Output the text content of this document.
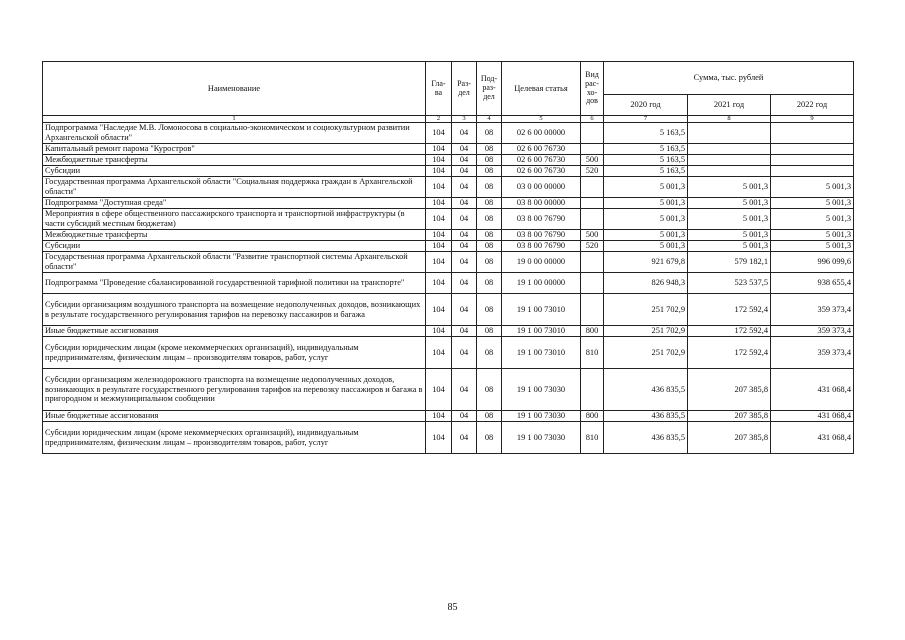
Наименование	Гла-ва	Раз-дел	Под-раз-дел	Целевая статья	Вид рас-хо-дов	Сумма, тыс. рублей		
						2020 год	2021 год	2022 год
1	2	3	4	5	6	7	8	9
Подпрограмма "Наследие М.В. Ломоносова в социально-экономическом и социокультурном развитии Архангельской области"	104	04	08	02 6 00 00000		5 163,5		
Капитальный ремонт парома "Куростров"	104	04	08	02 6 00 76730		5 163,5		
Межбюджетные трансферты	104	04	08	02 6 00 76730	500	5 163,5		
Субсидии	104	04	08	02 6 00 76730	520	5 163,5		
Государственная программа Архангельской области "Социальная поддержка граждан в Архангельской области"	104	04	08	03 0 00 00000		5 001,3	5 001,3	5 001,3
Подпрограмма "Доступная среда"	104	04	08	03 8 00 00000		5 001,3	5 001,3	5 001,3
Мероприятия в сфере общественного пассажирского транспорта и транспортной инфраструктуры (в части субсидий местным бюджетам)	104	04	08	03 8 00 76790		5 001,3	5 001,3	5 001,3
Межбюджетные трансферты	104	04	08	03 8 00 76790	500	5 001,3	5 001,3	5 001,3
Субсидии	104	04	08	03 8 00 76790	520	5 001,3	5 001,3	5 001,3
Государственная программа Архангельской области "Развитие транспортной системы Архангельской области"	104	04	08	19 0 00 00000		921 679,8	579 182,1	996 099,6
Подпрограмма "Проведение сбалансированной государственной тарифной политики на транспорте"	104	04	08	19 1 00 00000		826 948,3	523 537,5	938 655,4
Субсидии организациям воздушного транспорта на возмещение недополученных доходов, возникающих в результате государственного регулирования тарифов на перевозку пассажиров и багажа	104	04	08	19 1 00 73010		251 702,9	172 592,4	359 373,4
Иные бюджетные ассигнования	104	04	08	19 1 00 73010	800	251 702,9	172 592,4	359 373,4
Субсидии юридическим лицам (кроме некоммерческих организаций), индивидуальным предпринимателям, физическим лицам – производителям товаров, работ, услуг	104	04	08	19 1 00 73010	810	251 702,9	172 592,4	359 373,4
Субсидии организациям железнодорожного транспорта на возмещение недополученных доходов, возникающих в результате государственного регулирования тарифов на перевозку пассажиров и багажа в пригородном и межмуниципальном сообщении	104	04	08	19 1 00 73030		436 835,5	207 385,8	431 068,4
Иные бюджетные ассигнования	104	04	08	19 1 00 73030	800	436 835,5	207 385,8	431 068,4
Субсидии юридическим лицам (кроме некоммерческих организаций), индивидуальным предпринимателям, физическим лицам – производителям товаров, работ, услуг	104	04	08	19 1 00 73030	810	436 835,5	207 385,8	431 068,4
85
